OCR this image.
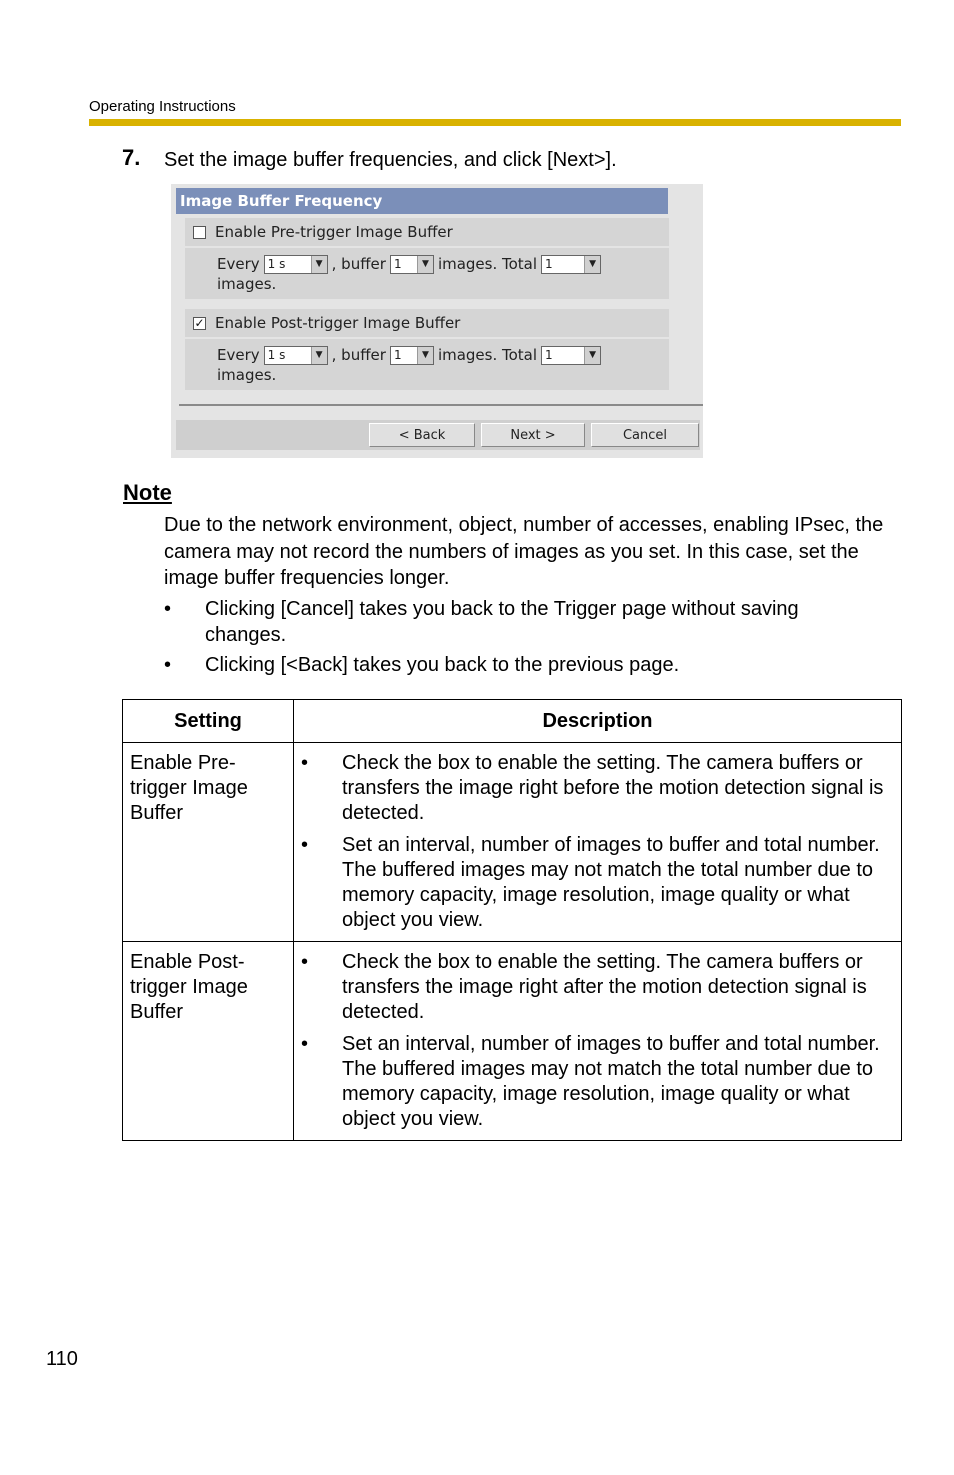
Operating Instructions
7. Set the image buffer frequencies, and click [Next>].
Image Buffer Frequency
Enable Pre-trigger Image Buffer
Every 1 s	▼ , buffer 1	▼ images. Total 1	▼
images.
✓ Enable Post-trigger Image Buffer
Every 1 s	▼ , buffer 1	▼ images. Total 1	▼
images.
< Back	Next >	Cancel
Note
Due to the network environment, object, number of accesses, enabling IPsec, the camera may not record the numbers of images as you set. In this case, set the image buffer frequencies longer.
• Clicking [Cancel] takes you back to the Trigger page without saving changes.
• Clicking [<Back] takes you back to the previous page.
Setting	Description
Enable Pre-trigger Image Buffer	• Check the box to enable the setting. The camera buffers or transfers the image right before the motion detection signal is detected.
• Set an interval, number of images to buffer and total number. The buffered images may not match the total number due to memory capacity, image resolution, image quality or what object you view.

Enable Post-trigger Image Buffer	• Check the box to enable the setting. The camera buffers or transfers the image right after the motion detection signal is detected.
• Set an interval, number of images to buffer and total number. The buffered images may not match the total number due to memory capacity, image resolution, image quality or what object you view.
110
